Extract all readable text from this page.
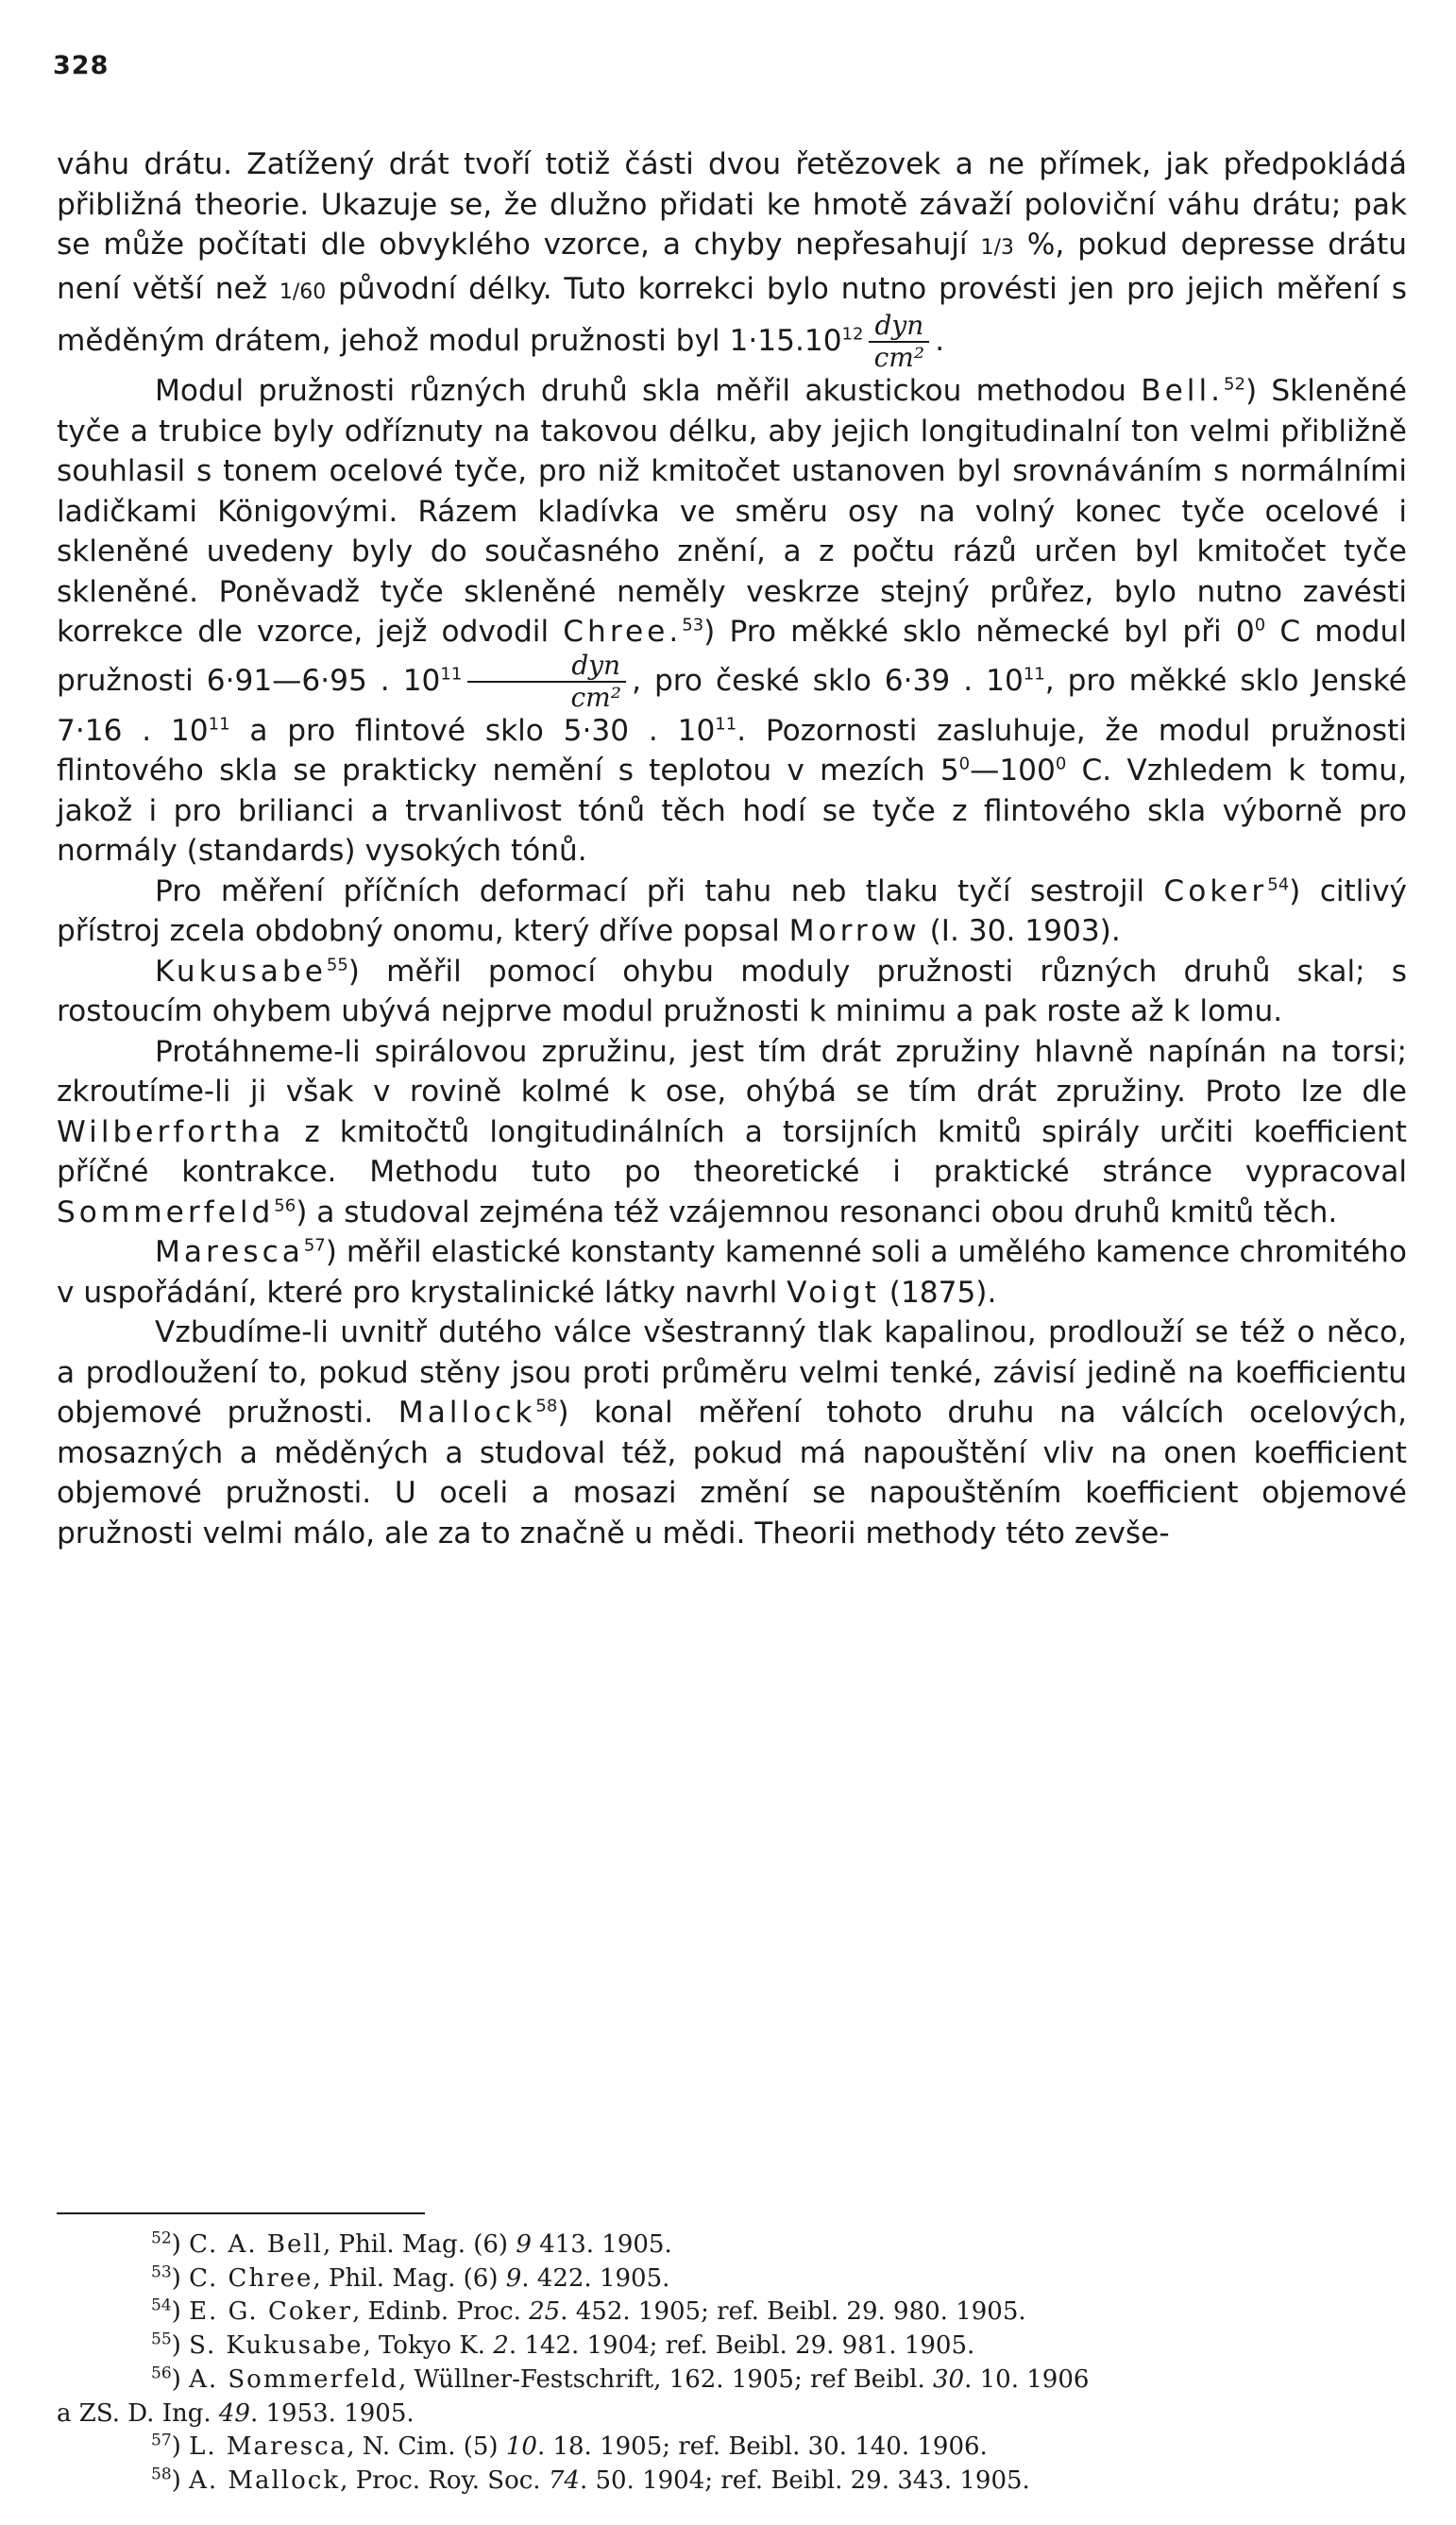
328

váhu drátu. Zatížený drát tvoří totiž části dvou řetězovek a ne přímek, jak předpokládá přibližná theorie. Ukazuje se, že dlužno přidati ke hmotě závaží poloviční váhu drátu; pak se může počítati dle obvyklého vzorce, a chyby nepřesahují 1/3 %, pokud depresse drátu není větší než 1/60 původní délky. Tuto korrekci bylo nutno provésti jen pro jejich měření s měděným drátem, jehož modul pružnosti byl $1\cdot 15.10^{12} \frac{\text{dyn}}{\text{cm²}}$ .

Modul pružnosti různých druhů skla měřil akustickou methodou Bell.$^{52}$) Skleněné tyče a trubice byly odříznuty na takovou délku, aby jejich longitudinalní ton velmi přibližně souhlasil s tonem ocelové tyče, pro niž kmitočet ustanoven byl srovnáváním s normálními ladičkami Königovými. Rázem kladívka ve směru osy na volný konec tyče ocelové i skleněné uvedeny byly do současného znění, a z počtu rázů určen byl kmitočet tyče skleněné. Poněvadž tyče skleněné neměly veskrze stejný průřez, bylo nutno zavésti korrekce dle vzorce, jejž odvodil Chree.$^{53}$) Pro měkké sklo německé byl při $0^0$ C modul pružnosti 6·91—6·95 . $10^{11} \frac{\text{dyn}}{\text{cm²}}$ , pro české sklo 6·39 . $10^{11}$, pro měkké sklo Jenské 7·16 . $10^{11}$ a pro flintové sklo 5·30 . $10^{11}$. Pozornosti zasluhuje, že modul pružnosti flintového skla se prakticky nemění s teplotou v mezích $5^0—100^0$ C. Vzhledem k tomu, jakož i pro brilianci a trvanlivost tónů těch hodí se tyče z flintového skla výborně pro normály (standards) vysokých tónů.

Pro měření příčních deformací při tahu neb tlaku tyčí sestrojil Coker$^{54}$) citlivý přístroj zcela obdobný onomu, který dříve popsal Morrow (I. 30. 1903).

Kukusabe$^{55}$) měřil pomocí ohybu moduly pružnosti různých druhů skal; s rostoucím ohybem ubývá nejprve modul pružnosti k minimu a pak roste až k lomu.

Protáhneme-li spirálovou zpružinu, jest tím drát zpružiny hlavně napínán na torsi; zkroutíme-li ji však v rovině kolmé k ose, ohýbá se tím drát zpružiny. Proto lze dle Wilberfortha z kmitočtů longitudinálních a torsijních kmitů spirály určiti koefficient příčné kontrakce. Methodu tuto po theoretické i praktické stránce vypracoval Sommerfeld$^{56}$) a studoval zejména též vzájemnou resonanci obou druhů kmitů těch.

Maresca$^{57}$) měřil elastické konstanty kamenné soli a umělého kamence chromitého v uspořádání, které pro krystalinické látky navrhl Voigt (1875).

Vzbudíme-li uvnitř dutého válce všestranný tlak kapalinou, prodlouží se též o něco, a prodloužení to, pokud stěny jsou proti průměru velmi tenké, závisí jedině na koefficientu objemové pružnosti. Mallock$^{58}$) konal měření tohoto druhu na válcích ocelových, mosazných a měděných a studoval též, pokud má napouštění vliv na onen koefficient objemové pružnosti. U oceli a mosazi změní se napouštěním koefficient objemové pružnosti velmi málo, ale za to značně u mědi. Theorii methody této zevše-

$^{52}$) C. A. Bell, Phil. Mag. (6) 9 413. 1905.
$^{53}$) C. Chree, Phil. Mag. (6) 9. 422. 1905.
$^{54}$) E. G. Coker, Edinb. Proc. 25. 452. 1905; ref. Beibl. 29. 980. 1905.
$^{55}$) S. Kukusabe, Tokyo K. 2. 142. 1904; ref. Beibl. 29. 981. 1905.
$^{56}$) A. Sommerfeld, Wüllner-Festschrift, 162. 1905; ref Beibl. 30. 10. 1906
a ZS. D. Ing. 49. 1953. 1905.
$^{57}$) L. Maresca, N. Cim. (5) 10. 18. 1905; ref. Beibl. 30. 140. 1906.
$^{58}$) A. Mallock, Proc. Roy. Soc. 74. 50. 1904; ref. Beibl. 29. 343. 1905.
